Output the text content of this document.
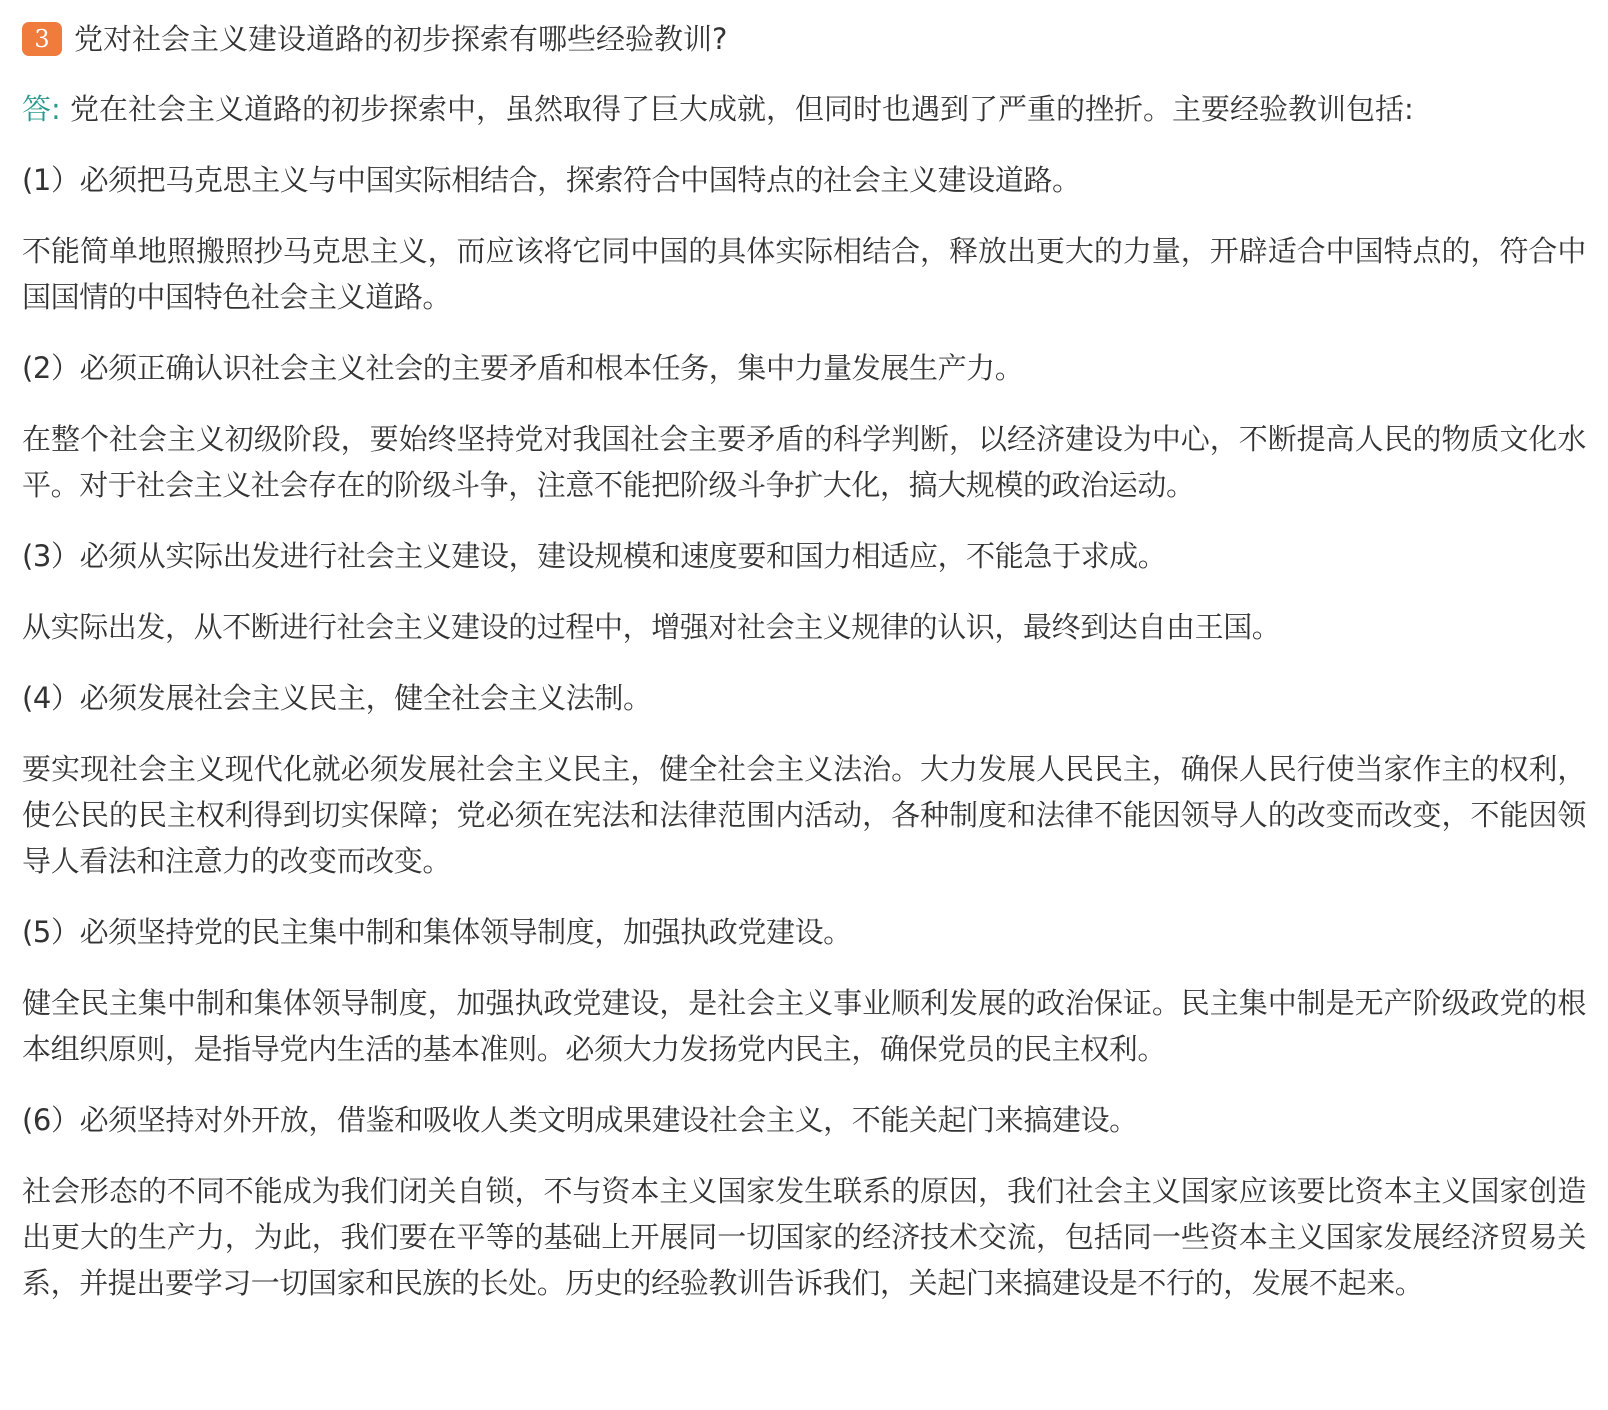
3 党对社会主义建设道路的初步探索有哪些经验教训?
答: 党在社会主义道路的初步探索中，虽然取得了巨大成就，但同时也遇到了严重的挫折。主要经验教训包括:
(1）必须把马克思主义与中国实际相结合，探索符合中国特点的社会主义建设道路。
不能简单地照搬照抄马克思主义，而应该将它同中国的具体实际相结合，释放出更大的力量，开辟适合中国特点的，符合中国国情的中国特色社会主义道路。
(2）必须正确认识社会主义社会的主要矛盾和根本任务，集中力量发展生产力。
在整个社会主义初级阶段，要始终坚持党对我国社会主要矛盾的科学判断，以经济建设为中心，不断提高人民的物质文化水平。对于社会主义社会存在的阶级斗争，注意不能把阶级斗争扩大化，搞大规模的政治运动。
(3）必须从实际出发进行社会主义建设，建设规模和速度要和国力相适应，不能急于求成。
从实际出发，从不断进行社会主义建设的过程中，增强对社会主义规律的认识，最终到达自由王国。
(4）必须发展社会主义民主，健全社会主义法制。
要实现社会主义现代化就必须发展社会主义民主，健全社会主义法治。大力发展人民民主，确保人民行使当家作主的权利，使公民的民主权利得到切实保障；党必须在宪法和法律范围内活动，各种制度和法律不能因领导人的改变而改变，不能因领导人看法和注意力的改变而改变。
(5）必须坚持党的民主集中制和集体领导制度，加强执政党建设。
健全民主集中制和集体领导制度，加强执政党建设，是社会主义事业顺利发展的政治保证。民主集中制是无产阶级政党的根本组织原则，是指导党内生活的基本准则。必须大力发扬党内民主，确保党员的民主权利。
(6）必须坚持对外开放，借鉴和吸收人类文明成果建设社会主义，不能关起门来搞建设。
社会形态的不同不能成为我们闭关自锁，不与资本主义国家发生联系的原因，我们社会主义国家应该要比资本主义国家创造出更大的生产力，为此，我们要在平等的基础上开展同一切国家的经济技术交流，包括同一些资本主义国家发展经济贸易关系，并提出要学习一切国家和民族的长处。历史的经验教训告诉我们，关起门来搞建设是不行的，发展不起来。
